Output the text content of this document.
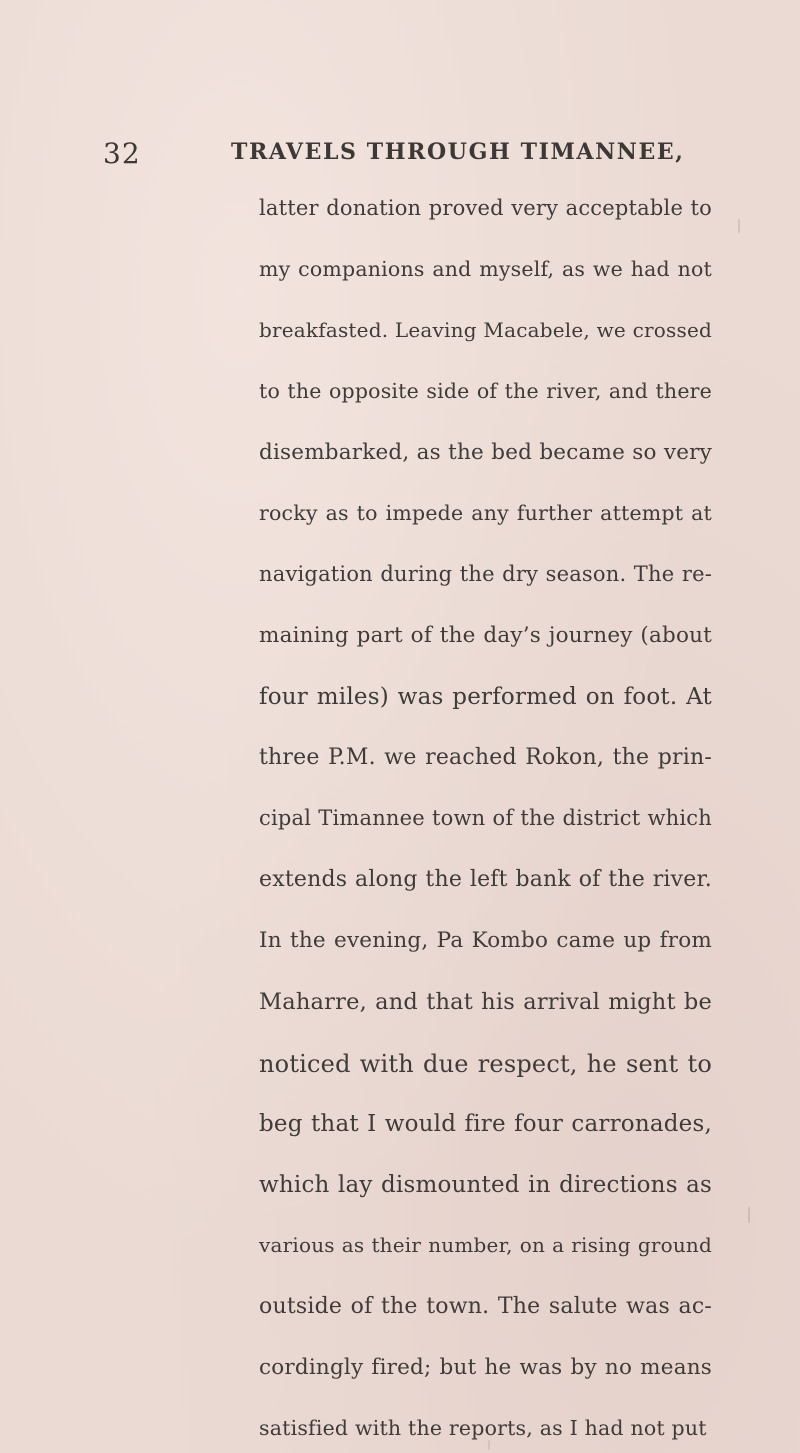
32	TRAVELS THROUGH TIMANNEE,
latter donation proved very acceptable to
my companions and myself, as we had not
breakfasted. Leaving Macabele, we crossed
to the opposite side of the river, and there
disembarked, as the bed became so very
rocky as to impede any further attempt at
navigation during the dry season. The re-
maining part of the day’s journey (about
four miles) was performed on foot. At
three P.M. we reached Rokon, the prin-
cipal Timannee town of the district which
extends along the left bank of the river.
In the evening, Pa Kombo came up from
Maharre, and that his arrival might be
noticed with due respect, he sent to
beg that I would fire four carronades,
which lay dismounted in directions as
various as their number, on a rising ground
outside of the town. The salute was ac-
cordingly fired; but he was by no means
satisfied with the reports, as I had not put
